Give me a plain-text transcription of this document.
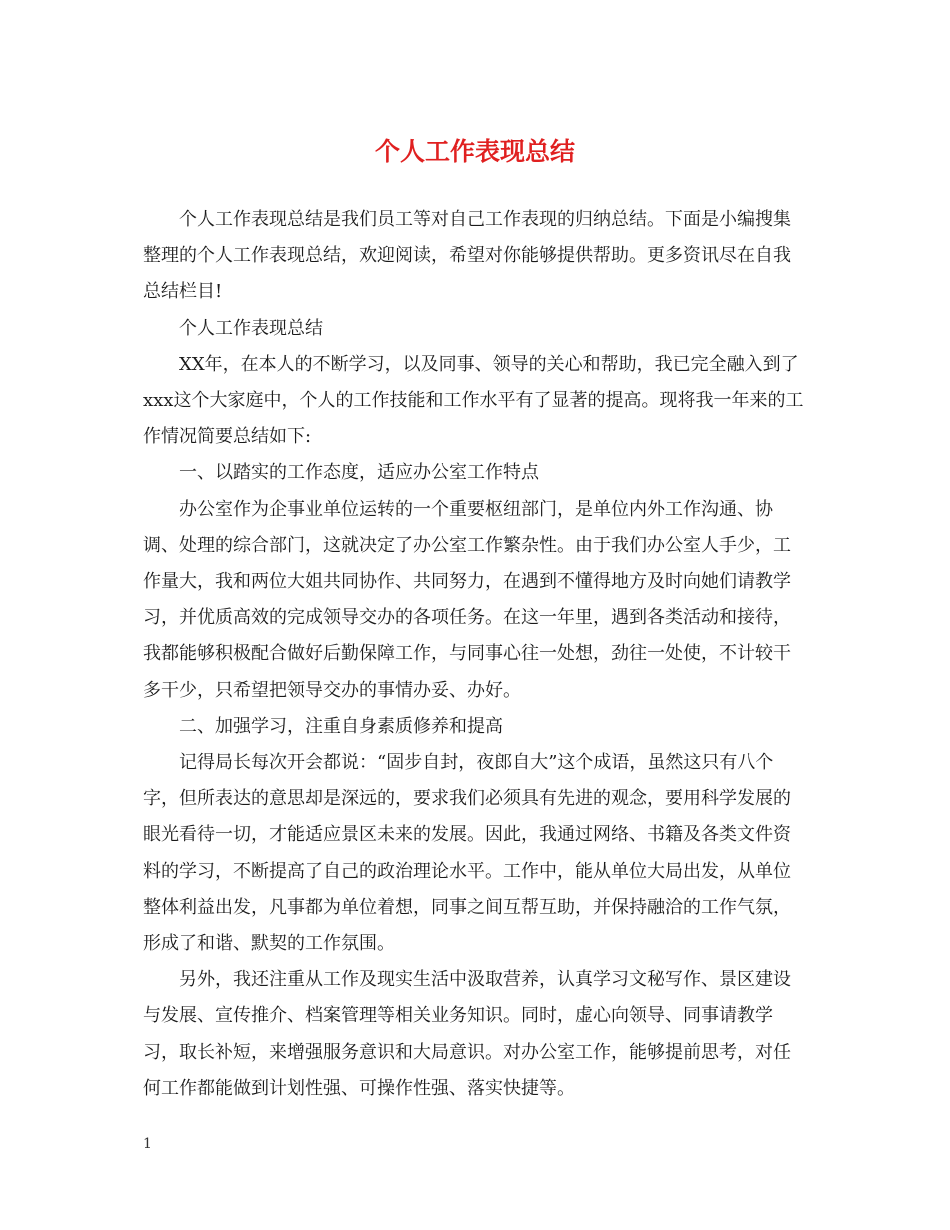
个人工作表现总结

个人工作表现总结是我们员工等对自己工作表现的归纳总结。下面是小编搜集整理的个人工作表现总结，欢迎阅读，希望对你能够提供帮助。更多资讯尽在自我总结栏目!

个人工作表现总结

XX年，在本人的不断学习，以及同事、领导的关心和帮助，我已完全融入到了xxx这个大家庭中，个人的工作技能和工作水平有了显著的提高。现将我一年来的工作情况简要总结如下:

一、以踏实的工作态度，适应办公室工作特点

办公室作为企事业单位运转的一个重要枢纽部门，是单位内外工作沟通、协调、处理的综合部门，这就决定了办公室工作繁杂性。由于我们办公室人手少，工作量大，我和两位大姐共同协作、共同努力，在遇到不懂得地方及时向她们请教学习，并优质高效的完成领导交办的各项任务。在这一年里，遇到各类活动和接待，我都能够积极配合做好后勤保障工作，与同事心往一处想，劲往一处使，不计较干多干少，只希望把领导交办的事情办妥、办好。

二、加强学习，注重自身素质修养和提高

记得局长每次开会都说：“固步自封，夜郎自大”这个成语，虽然这只有八个字，但所表达的意思却是深远的，要求我们必须具有先进的观念，要用科学发展的眼光看待一切，才能适应景区未来的发展。因此，我通过网络、书籍及各类文件资料的学习，不断提高了自己的政治理论水平。工作中，能从单位大局出发，从单位整体利益出发，凡事都为单位着想，同事之间互帮互助，并保持融洽的工作气氛，形成了和谐、默契的工作氛围。

另外，我还注重从工作及现实生活中汲取营养，认真学习文秘写作、景区建设与发展、宣传推介、档案管理等相关业务知识。同时，虚心向领导、同事请教学习，取长补短，来增强服务意识和大局意识。对办公室工作，能够提前思考，对任何工作都能做到计划性强、可操作性强、落实快捷等。

1
